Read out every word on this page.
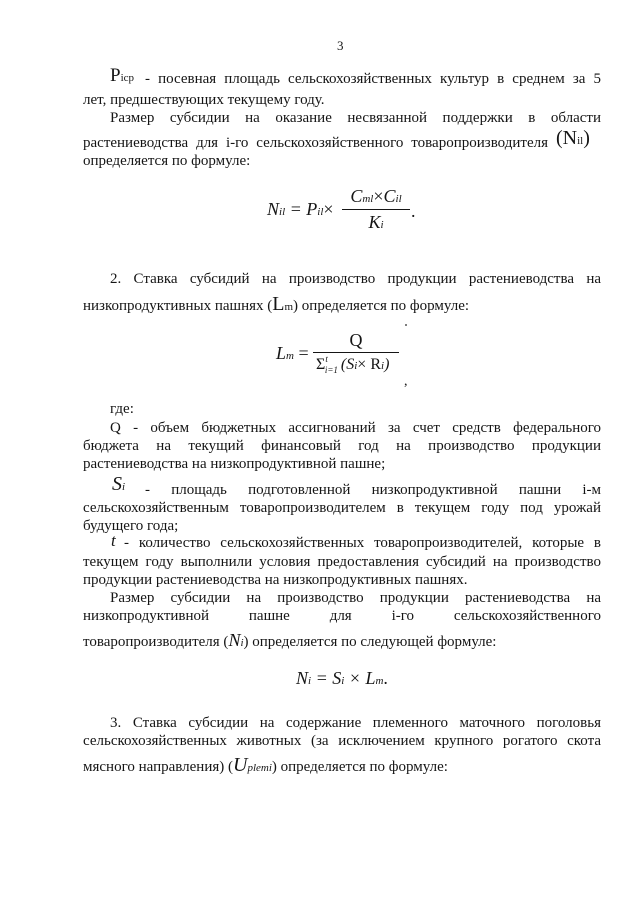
3
Picp - посевная площадь сельскохозяйственных культур в среднем за 5
лет, предшествующих текущему году.
Размер субсидии на оказание несвязанной поддержки в области
растениеводства для i-го сельскохозяйственного товаропроизводителя (Nil)
определяется по формуле:
Nil = Pil×
Cml×Cil
Ki
.
2. Ставка субсидий на производство продукции растениеводства на
низкопродуктивных пашнях (Lm) определяется по формуле:
Lm =
Q
$\Sigma^t_{i=1}$ (Si× Ri)
,
где:
Q - объем бюджетных ассигнований за счет средств федерального
бюджета на текущий финансовый год на производство продукции
растениеводства на низкопродуктивной пашне;
Si - площадь подготовленной низкопродуктивной пашни i-м
сельскохозяйственным товаропроизводителем в текущем году под урожай
будущего года;
t - количество сельскохозяйственных товаропроизводителей, которые в
текущем году выполнили условия предоставления субсидий на производство
продукции растениеводства на низкопродуктивных пашнях.
Размер субсидии на производство продукции растениеводства на
низкопродуктивной пашне для i-го сельскохозяйственного
товаропроизводителя (Ni) определяется по следующей формуле:
Ni = Si × Lm.
3. Ставка субсидии на содержание племенного маточного поголовья
сельскохозяйственных животных (за исключением крупного рогатого скота
мясного направления) (Uplemi) определяется по формуле:
